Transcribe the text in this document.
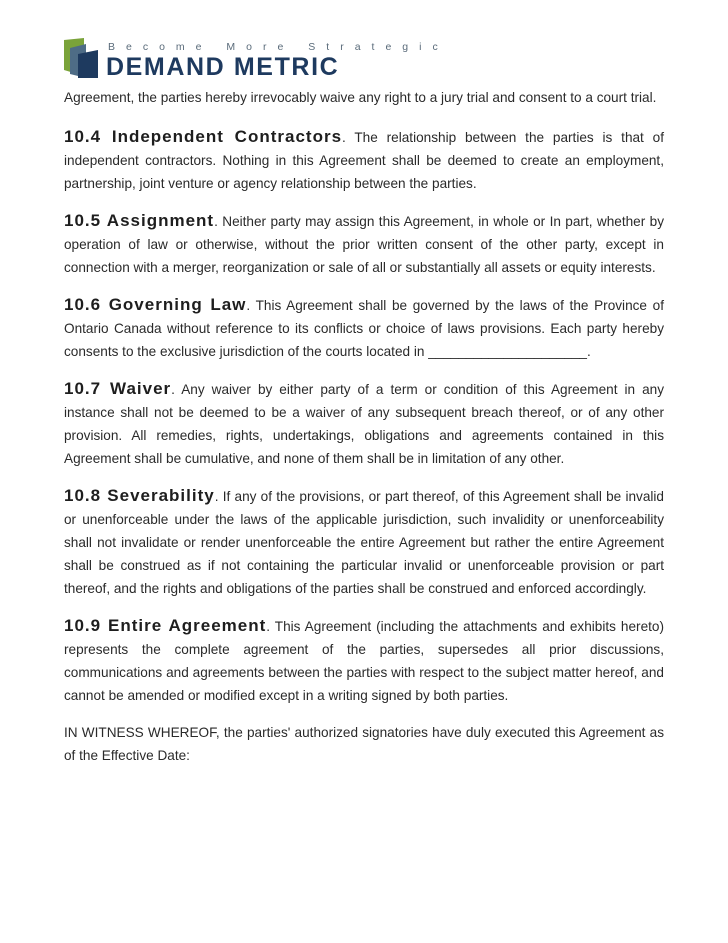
Become More Strategic
DEMAND METRIC

Agreement, the parties hereby irrevocably waive any right to a jury trial and consent to a court trial.

10.4 Independent Contractors. The relationship between the parties is that of independent contractors. Nothing in this Agreement shall be deemed to create an employment, partnership, joint venture or agency relationship between the parties.

10.5 Assignment. Neither party may assign this Agreement, in whole or In part, whether by operation of law or otherwise, without the prior written consent of the other party, except in connection with a merger, reorganization or sale of all or substantially all assets or equity interests.

10.6 Governing Law. This Agreement shall be governed by the laws of the Province of Ontario Canada without reference to its conflicts or choice of laws provisions. Each party hereby consents to the exclusive jurisdiction of the courts located in _____________________.

10.7 Waiver. Any waiver by either party of a term or condition of this Agreement in any instance shall not be deemed to be a waiver of any subsequent breach thereof, or of any other provision. All remedies, rights, undertakings, obligations and agreements contained in this Agreement shall be cumulative, and none of them shall be in limitation of any other.

10.8 Severability. If any of the provisions, or part thereof, of this Agreement shall be invalid or unenforceable under the laws of the applicable jurisdiction, such invalidity or unenforceability shall not invalidate or render unenforceable the entire Agreement but rather the entire Agreement shall be construed as if not containing the particular invalid or unenforceable provision or part thereof, and the rights and obligations of the parties shall be construed and enforced accordingly.

10.9 Entire Agreement. This Agreement (including the attachments and exhibits hereto) represents the complete agreement of the parties, supersedes all prior discussions, communications and agreements between the parties with respect to the subject matter hereof, and cannot be amended or modified except in a writing signed by both parties.

IN WITNESS WHEREOF, the parties' authorized signatories have duly executed this Agreement as of the Effective Date:
